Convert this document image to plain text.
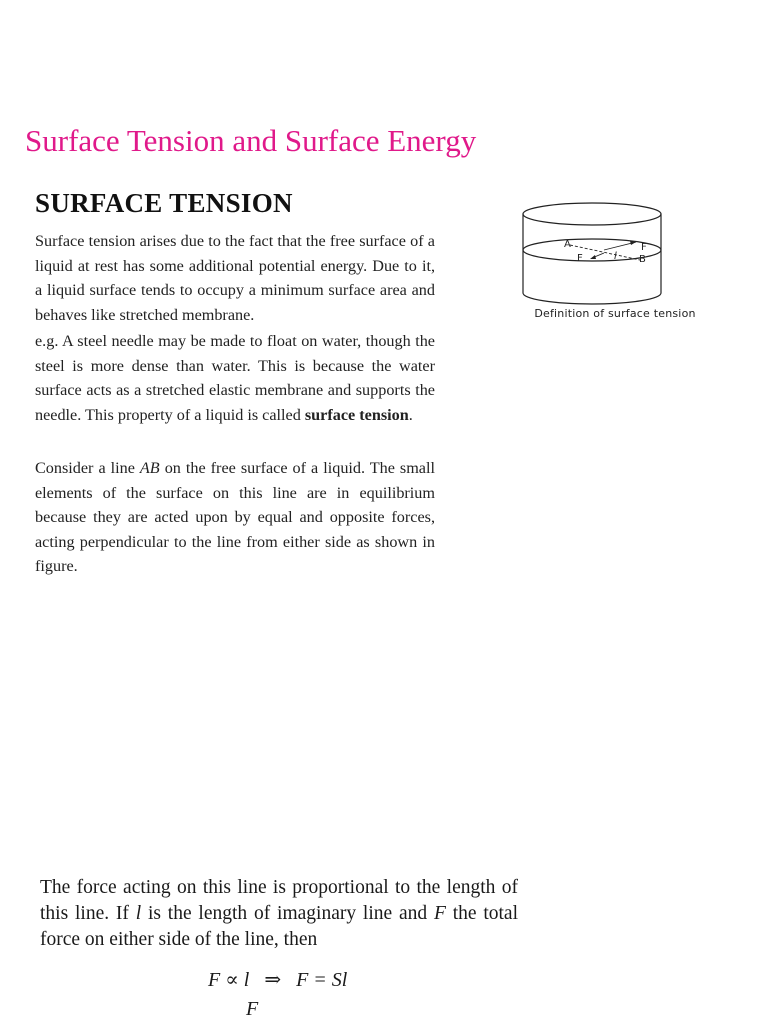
Surface Tension and Surface Energy
SURFACE TENSION
Surface tension arises due to the fact that the free surface of a liquid at rest has some additional potential energy. Due to it, a liquid surface tends to occupy a minimum surface area and behaves like stretched membrane.
e.g. A steel needle may be made to float on water, though the steel is more dense than water. This is because the water surface acts as a stretched elastic membrane and supports the needle. This property of a liquid is called surface tension.
Consider a line AB on the free surface of a liquid. The small elements of the surface on this line are in equilibrium because they are acted upon by equal and opposite forces, acting perpendicular to the line from either side as shown in figure.
A	F
F	l B
Definition of surface tension
The force acting on this line is proportional to the length of this line. If l is the length of imaginary line and F the total force on either side of the line, then
F ∝ l ⇒ F = Sl
F
